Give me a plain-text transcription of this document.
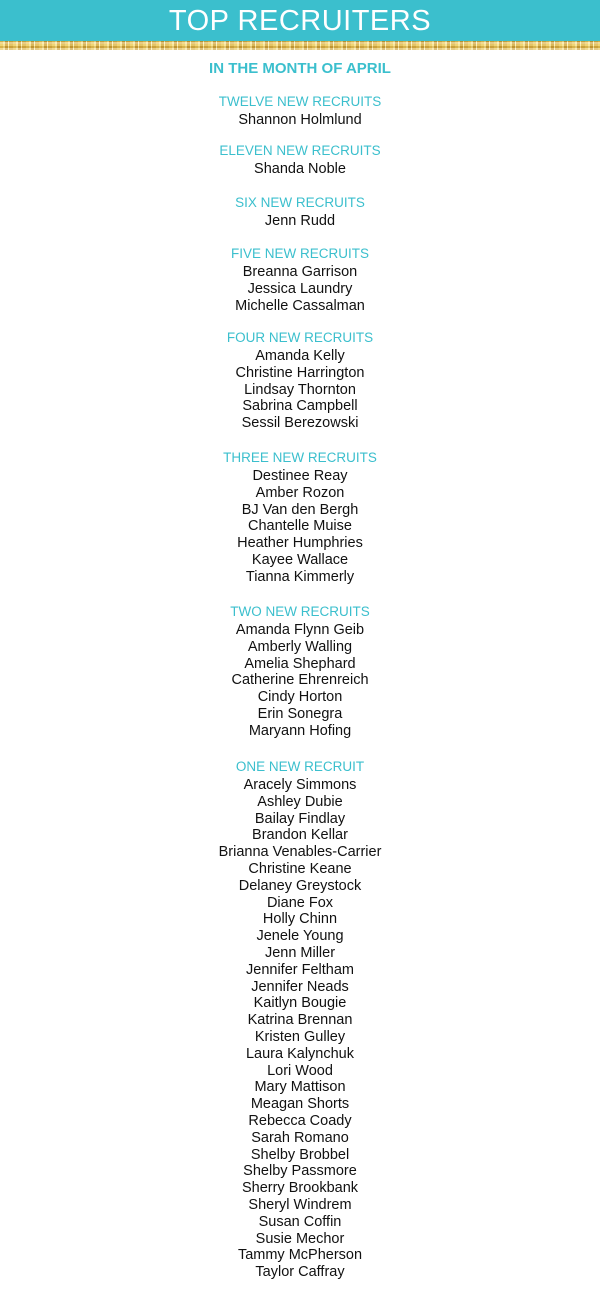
TOP RECRUITERS
IN THE MONTH OF APRIL
TWELVE NEW RECRUITS
Shannon Holmlund
ELEVEN NEW RECRUITS
Shanda Noble
SIX NEW RECRUITS
Jenn Rudd
FIVE NEW RECRUITS
Breanna Garrison
Jessica Laundry
Michelle Cassalman
FOUR NEW RECRUITS
Amanda Kelly
Christine Harrington
Lindsay Thornton
Sabrina Campbell
Sessil Berezowski
THREE NEW RECRUITS
Destinee Reay
Amber Rozon
BJ Van den Bergh
Chantelle Muise
Heather Humphries
Kayee Wallace
Tianna Kimmerly
TWO NEW RECRUITS
Amanda Flynn Geib
Amberly Walling
Amelia Shephard
Catherine Ehrenreich
Cindy Horton
Erin Sonegra
Maryann Hofing
ONE NEW RECRUIT
Aracely Simmons
Ashley Dubie
Bailay Findlay
Brandon Kellar
Brianna Venables-Carrier
Christine Keane
Delaney Greystock
Diane Fox
Holly Chinn
Jenele Young
Jenn Miller
Jennifer Feltham
Jennifer Neads
Kaitlyn Bougie
Katrina Brennan
Kristen Gulley
Laura Kalynchuk
Lori Wood
Mary Mattison
Meagan Shorts
Rebecca Coady
Sarah Romano
Shelby Brobbel
Shelby Passmore
Sherry Brookbank
Sheryl Windrem
Susan Coffin
Susie Mechor
Tammy McPherson
Taylor Caffray
